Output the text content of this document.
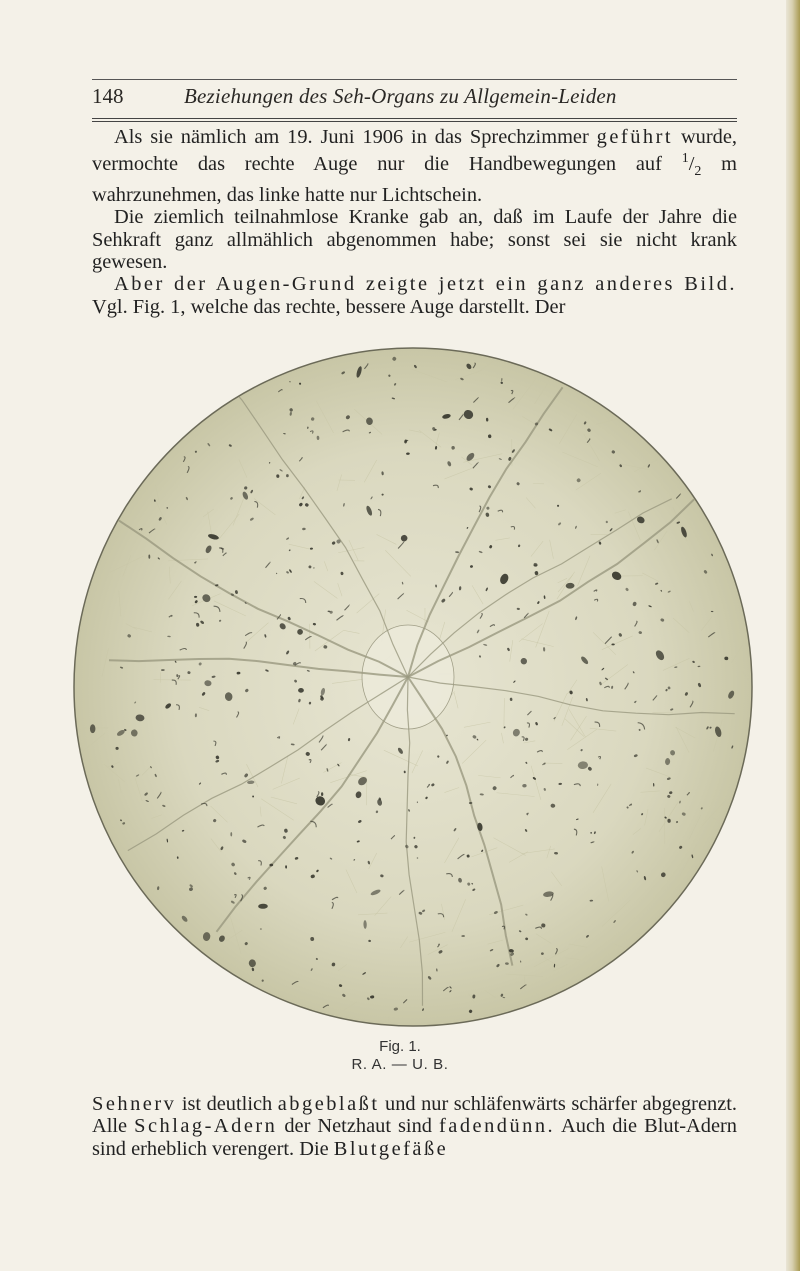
148	Beziehungen des Seh-Organs zu Allgemein-Leiden

Als sie nämlich am 19. Juni 1906 in das Sprechzimmer geführt wurde, vermochte das rechte Auge nur die Handbewegungen auf $^1/_2$ m wahrzunehmen, das linke hatte nur Lichtschein.

Die ziemlich teilnahmlose Kranke gab an, daß im Laufe der Jahre die Sehkraft ganz allmählich abgenommen habe; sonst sei sie nicht krank gewesen.

Aber der Augen-Grund zeigte jetzt ein ganz anderes Bild. Vgl. Fig. 1, welche das rechte, bessere Auge darstellt. Der

Fig. 1.
R. A. — U. B.

Sehnerv ist deutlich abgeblaßt und nur schläfenwärts schärfer abgegrenzt. Alle Schlag-Adern der Netzhaut sind fadendünn. Auch die Blut-Adern sind erheblich verengert. Die Blutgefäße
